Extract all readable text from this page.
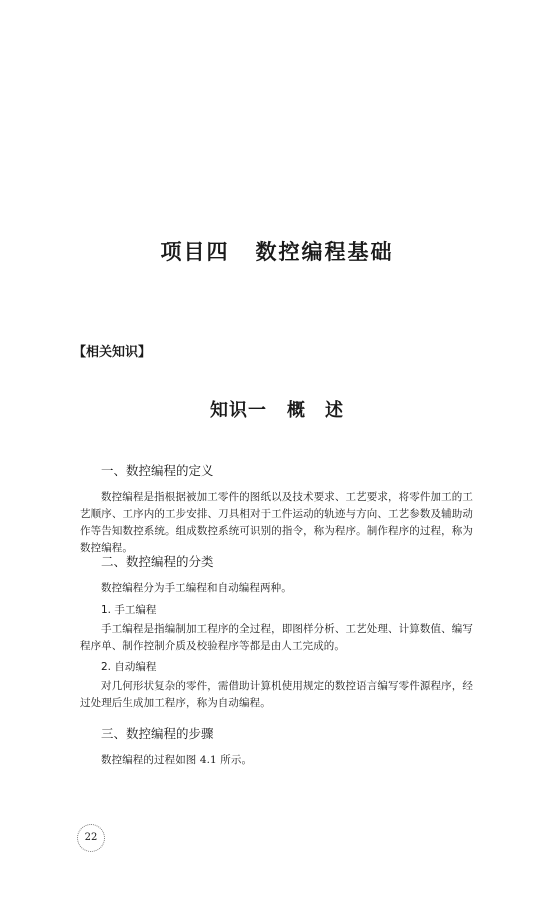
项目四 数控编程基础
【相关知识】
知识一 概　述
一、数控编程的定义
数控编程是指根据被加工零件的图纸以及技术要求、工艺要求，将零件加工的工艺顺序、工序内的工步安排、刀具相对于工件运动的轨迹与方向、工艺参数及辅助动作等告知数控系统。组成数控系统可识别的指令，称为程序。制作程序的过程，称为数控编程。
二、数控编程的分类
数控编程分为手工编程和自动编程两种。
1. 手工编程
手工编程是指编制加工程序的全过程，即图样分析、工艺处理、计算数值、编写程序单、制作控制介质及校验程序等都是由人工完成的。
2. 自动编程
对几何形状复杂的零件，需借助计算机使用规定的数控语言编写零件源程序，经过处理后生成加工程序，称为自动编程。
三、数控编程的步骤
数控编程的过程如图 4.1 所示。
22
